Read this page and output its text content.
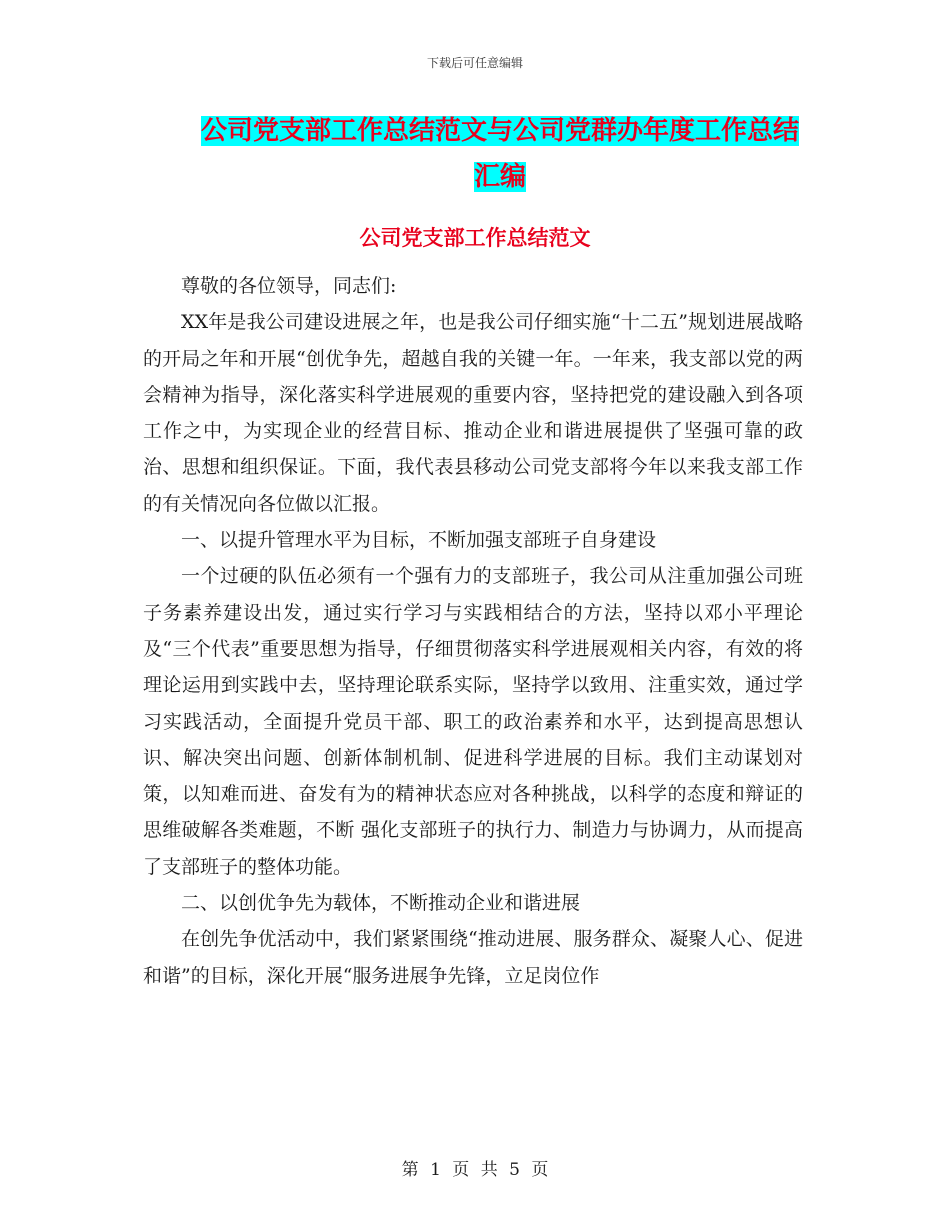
下载后可任意编辑
公司党支部工作总结范文与公司党群办年度工作总结汇编
公司党支部工作总结范文

尊敬的各位领导，同志们:

XX年是我公司建设进展之年，也是我公司仔细实施“十二五”规划进展战略的开局之年和开展“创优争先，超越自我的关键一年。一年来，我支部以党的两会精神为指导，深化落实科学进展观的重要内容，坚持把党的建设融入到各项工作之中，为实现企业的经营目标、推动企业和谐进展提供了坚强可靠的政治、思想和组织保证。下面，我代表县移动公司党支部将今年以来我支部工作的有关情况向各位做以汇报。

一、以提升管理水平为目标，不断加强支部班子自身建设

一个过硬的队伍必须有一个强有力的支部班子，我公司从注重加强公司班子务素养建设出发，通过实行学习与实践相结合的方法，坚持以邓小平理论及“三个代表”重要思想为指导，仔细贯彻落实科学进展观相关内容，有效的将理论运用到实践中去，坚持理论联系实际，坚持学以致用、注重实效，通过学习实践活动，全面提升党员干部、职工的政治素养和水平，达到提高思想认识、解决突出问题、创新体制机制、促进科学进展的目标。我们主动谋划对策，以知难而进、奋发有为的精神状态应对各种挑战，以科学的态度和辩证的思维破解各类难题，不断 强化支部班子的执行力、制造力与协调力，从而提高了支部班子的整体功能。

二、以创优争先为载体，不断推动企业和谐进展

在创先争优活动中，我们紧紧围绕“推动进展、服务群众、凝聚人心、促进和谐”的目标，深化开展“服务进展争先锋，立足岗位作

第 1 页 共 5 页
